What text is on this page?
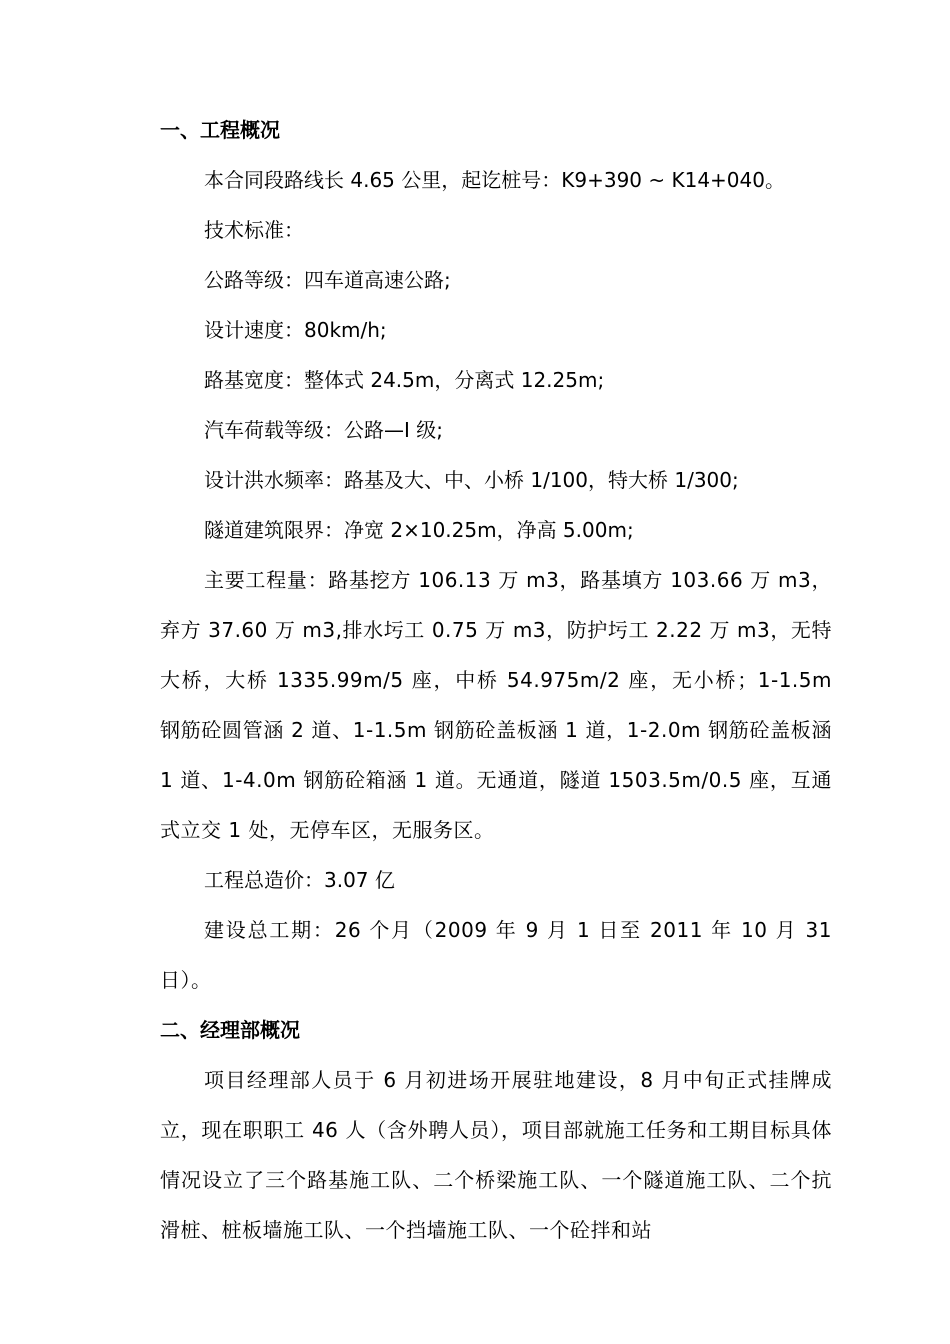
一、工程概况
本合同段路线长 4.65 公里，起讫桩号：K9+390 ~ K14+040。
技术标准：
公路等级：四车道高速公路;
设计速度：80km/h;
路基宽度：整体式 24.5m，分离式 12.25m;
汽车荷载等级：公路—I 级;
设计洪水频率：路基及大、中、小桥 1/100，特大桥 1/300;
隧道建筑限界：净宽 2×10.25m，净高 5.00m;

主要工程量：路基挖方 106.13 万 m3，路基填方 103.66 万 m3，弃方 37.60 万 m3,排水圬工 0.75 万 m3，防护圬工 2.22 万 m3，无特大桥，大桥 1335.99m/5 座，中桥 54.975m/2 座，无小桥；1-1.5m 钢筋砼圆管涵 2 道、1-1.5m 钢筋砼盖板涵 1 道，1-2.0m 钢筋砼盖板涵 1 道、1-4.0m 钢筋砼箱涵 1 道。无通道，隧道 1503.5m/0.5 座，互通式立交 1 处，无停车区，无服务区。

工程总造价：3.07 亿

建设总工期：26 个月（2009 年 9 月 1 日至 2011 年 10 月 31 日）。

二、经理部概况

项目经理部人员于 6 月初进场开展驻地建设，8 月中旬正式挂牌成立，现在职职工 46 人（含外聘人员），项目部就施工任务和工期目标具体情况设立了三个路基施工队、二个桥梁施工队、一个隧道施工队、二个抗滑桩、桩板墙施工队、一个挡墙施工队、一个砼拌和站
